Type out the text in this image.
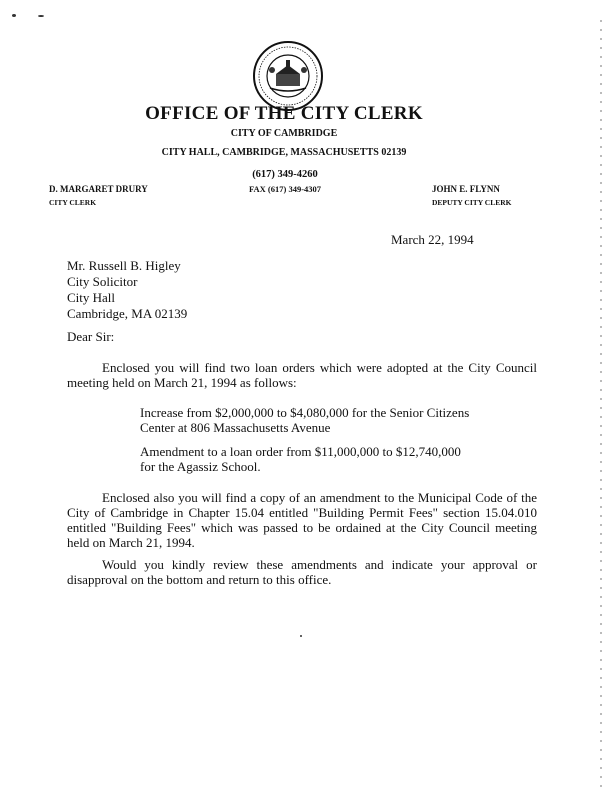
OFFICE OF THE CITY CLERK
CITY OF CAMBRIDGE
CITY HALL, CAMBRIDGE, MASSACHUSETTS 02139
(617) 349-4260
FAX (617) 349-4307
D. MARGARET DRURY
CITY CLERK
JOHN E. FLYNN
DEPUTY CITY CLERK
March 22, 1994
Mr. Russell B. Higley
City Solicitor
City Hall
Cambridge, MA 02139
Dear Sir:
Enclosed you will find two loan orders which were adopted at the City Council meeting held on March 21, 1994 as follows:
Increase from $2,000,000 to $4,080,000 for the Senior Citizens Center at 806 Massachusetts Avenue
Amendment to a loan order from $11,000,000 to $12,740,000 for the Agassiz School.
Enclosed also you will find a copy of an amendment to the Municipal Code of the City of Cambridge in Chapter 15.04 entitled "Building Permit Fees" section 15.04.010 entitled "Building Fees" which was passed to be ordained at the City Council meeting held on March 21, 1994.
Would you kindly review these amendments and indicate your approval or disapproval on the bottom and return to this office.
